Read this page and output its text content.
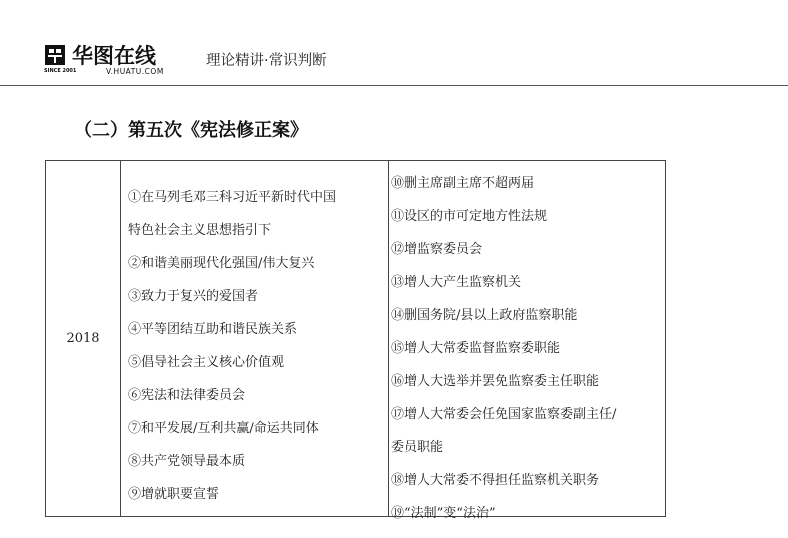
华图在线
SINCE 2001	V.HUATU.COM
理论精讲·常识判断
（二）第五次《宪法修正案》
2018
①在马列毛邓三科习近平新时代中国
特色社会主义思想指引下
②和谐美丽现代化强国/伟大复兴
③致力于复兴的爱国者
④平等团结互助和谐民族关系
⑤倡导社会主义核心价值观
⑥宪法和法律委员会
⑦和平发展/互利共赢/命运共同体
⑧共产党领导最本质
⑨增就职要宣誓
⑩删主席副主席不超两届
⑪设区的市可定地方性法规
⑫增监察委员会
⑬增人大产生监察机关
⑭删国务院/县以上政府监察职能
⑮增人大常委监督监察委职能
⑯增人大选举并罢免监察委主任职能
⑰增人大常委会任免国家监察委副主任/
委员职能
⑱增人大常委不得担任监察机关职务
⑲“法制”变“法治”
